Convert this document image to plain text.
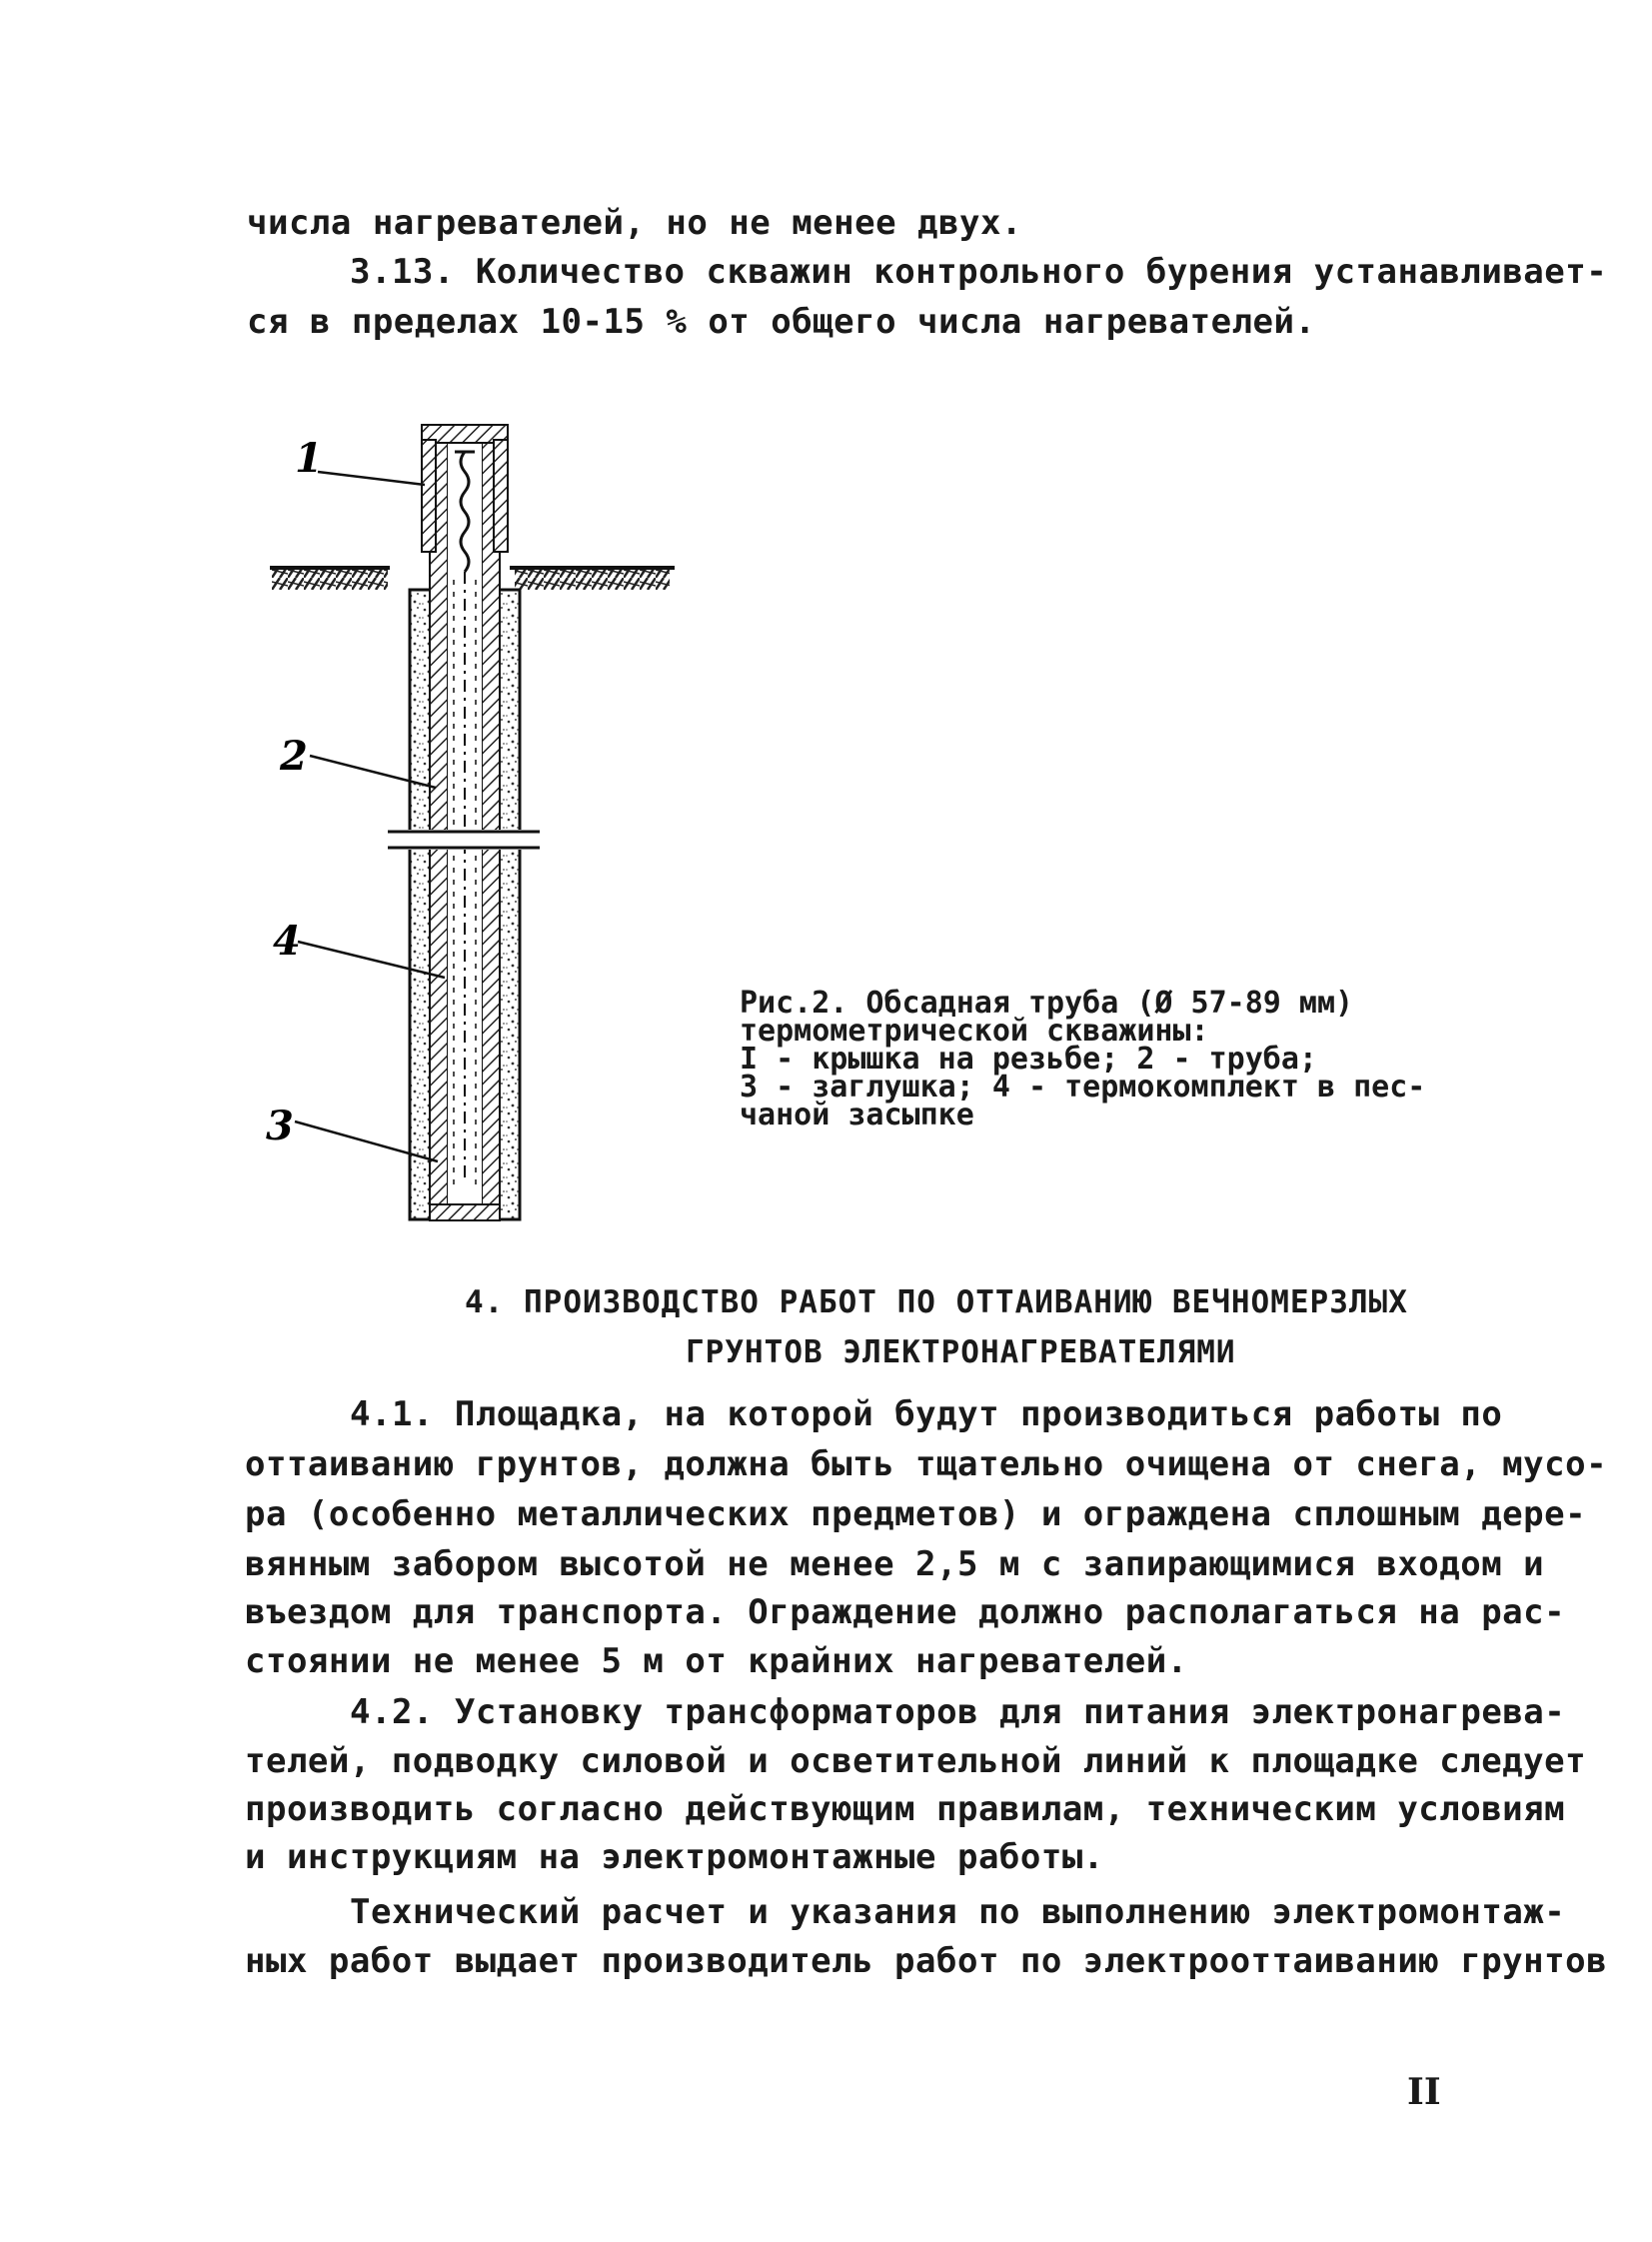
числа нагревателей, но не менее двух.
3.13. Количество скважин контрольного бурения устанавливает-
ся в пределах 10-15 % от общего числа нагревателей.
1
2
4
3
Рис.2. Обсадная труба (Ø 57-89 мм)
термометрической скважины:
I - крышка на резьбе; 2 - труба;
3 - заглушка; 4 - термокомплект в пес-
чаной засыпке
4. ПРОИЗВОДСТВО РАБОТ ПО ОТТАИВАНИЮ ВЕЧНОМЕРЗЛЫХ
ГРУНТОВ ЭЛЕКТРОНАГРЕВАТЕЛЯМИ
4.1. Площадка, на которой будут производиться работы по
оттаиванию грунтов, должна быть тщательно очищена от снега, мусо-
ра (особенно металлических предметов) и ограждена сплошным дере-
вянным забором высотой не менее 2,5 м с запирающимися входом и
въездом для транспорта. Ограждение должно располагаться на рас-
стоянии не менее 5 м от крайних нагревателей.
4.2. Установку трансформаторов для питания электронагрева-
телей, подводку силовой и осветительной линий к площадке следует
производить согласно действующим правилам, техническим условиям
и инструкциям на электромонтажные работы.
Технический расчет и указания по выполнению электромонтаж-
ных работ выдает производитель работ по электрооттаиванию грунтов
II
